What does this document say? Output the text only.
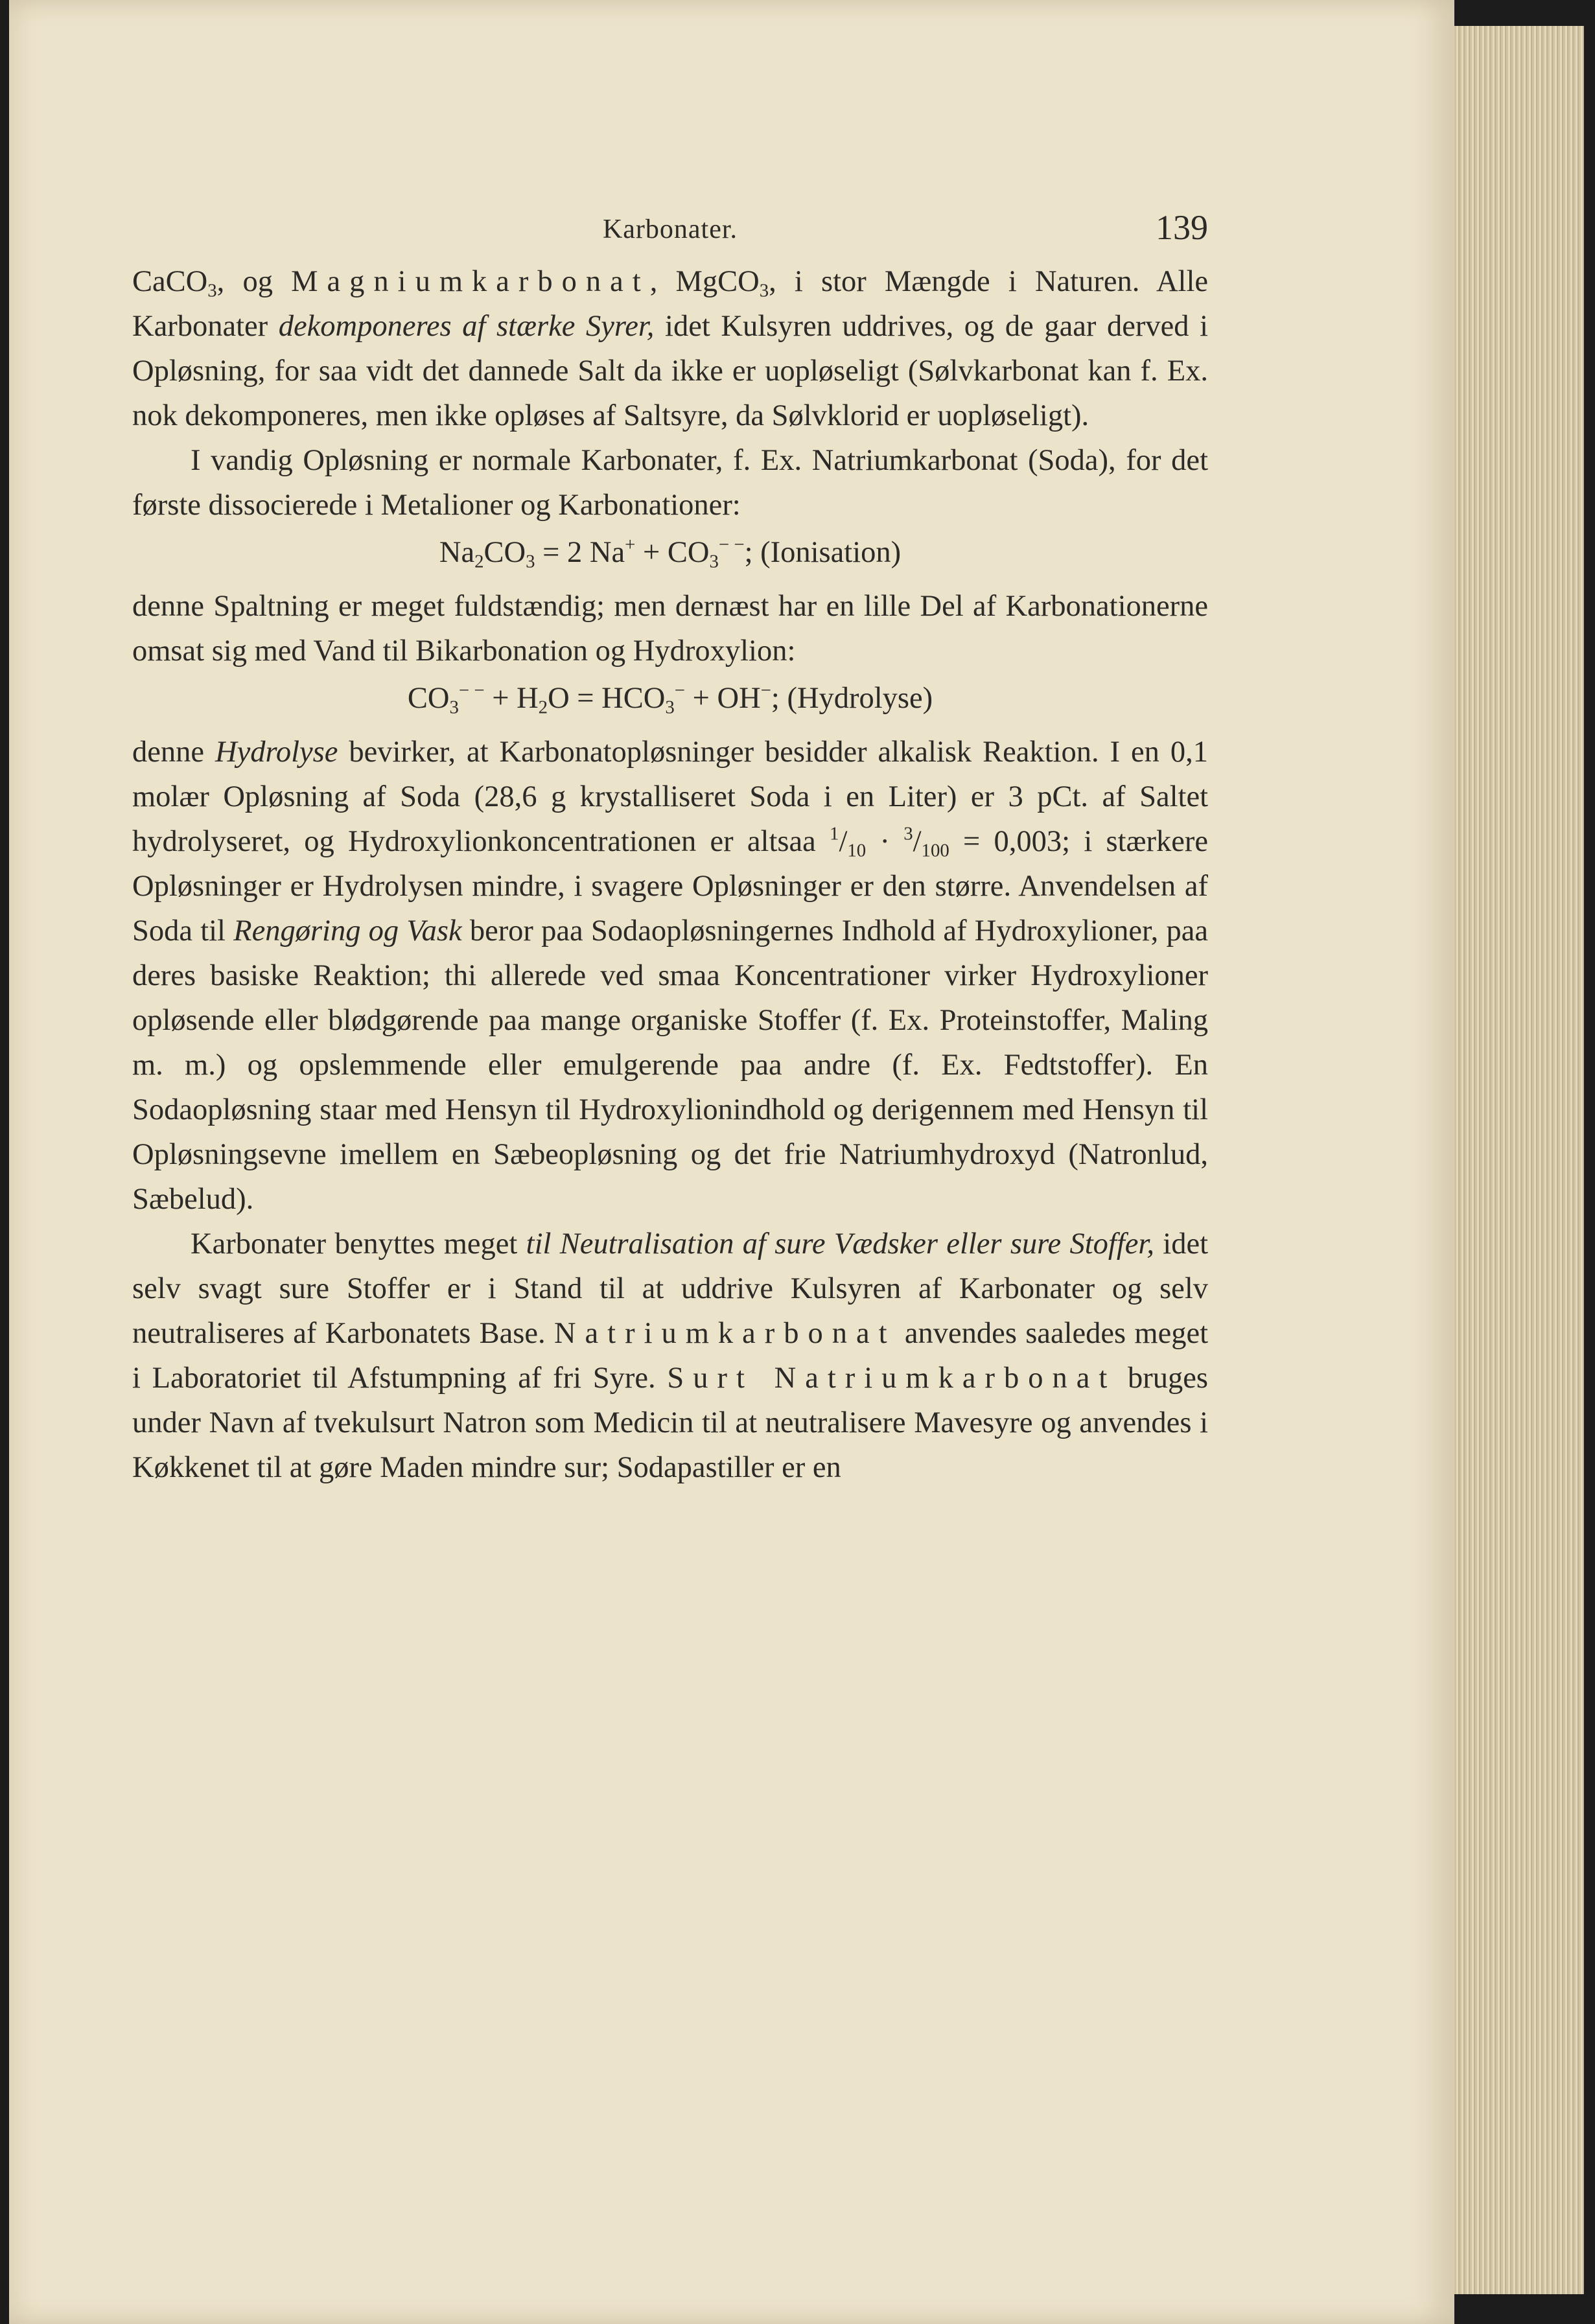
Karbonater.	139

CaCO$_3$, og Magniumkarbonat, MgCO$_3$, i stor Mængde i Naturen. Alle Karbonater dekomponeres af stærke Syrer, idet Kulsyren uddrives, og de gaar derved i Opløsning, for saa vidt det dannede Salt da ikke er uopløseligt (Sølvkarbonat kan f. Ex. nok dekomponeres, men ikke opløses af Saltsyre, da Sølvklorid er uopløseligt).

I vandig Opløsning er normale Karbonater, f. Ex. Natriumkarbonat (Soda), for det første dissocierede i Metalioner og Karbonationer:

$Na_2CO_3 = 2$ $Na^+ + CO_3^{- -}$; (Ionisation)

denne Spaltning er meget fuldstændig; men dernæst har en lille Del af Karbonationerne omsat sig med Vand til Bikarbonation og Hydroxylion:

$CO_3^{- -} + H_2O = HCO_3^- + OH^-$; (Hydrolyse)

denne Hydrolyse bevirker, at Karbonatopløsninger besidder alkalisk Reaktion. I en 0,1 molær Opløsning af Soda (28,6 g krystalliseret Soda i en Liter) er 3 pCt. af Saltet hydrolyseret, og Hydroxylionkoncentrationen er altsaa $^1/_{10} \cdot ^3/_{100} = 0,003$; i stærkere Opløsninger er Hydrolysen mindre, i svagere Opløsninger er den større. Anvendelsen af Soda til Rengøring og Vask beror paa Sodaopløsningernes Indhold af Hydroxylioner, paa deres basiske Reaktion; thi allerede ved smaa Koncentrationer virker Hydroxylioner opløsende eller blødgørende paa mange organiske Stoffer (f. Ex. Proteinstoffer, Maling m. m.) og opslemmende eller emulgerende paa andre (f. Ex. Fedtstoffer). En Sodaopløsning staar med Hensyn til Hydroxylionindhold og derigennem med Hensyn til Opløsningsevne imellem en Sæbeopløsning og det frie Natriumhydroxyd (Natronlud, Sæbelud).

Karbonater benyttes meget til Neutralisation af sure Vædsker eller sure Stoffer, idet selv svagt sure Stoffer er i Stand til at uddrive Kulsyren af Karbonater og selv neutraliseres af Karbonatets Base. Natriumkarbonat anvendes saaledes meget i Laboratoriet til Afstumpning af fri Syre. Surt Natriumkarbonat bruges under Navn af tvekulsurt Natron som Medicin til at neutralisere Mavesyre og anvendes i Køkkenet til at gøre Maden mindre sur; Sodapastiller er en
